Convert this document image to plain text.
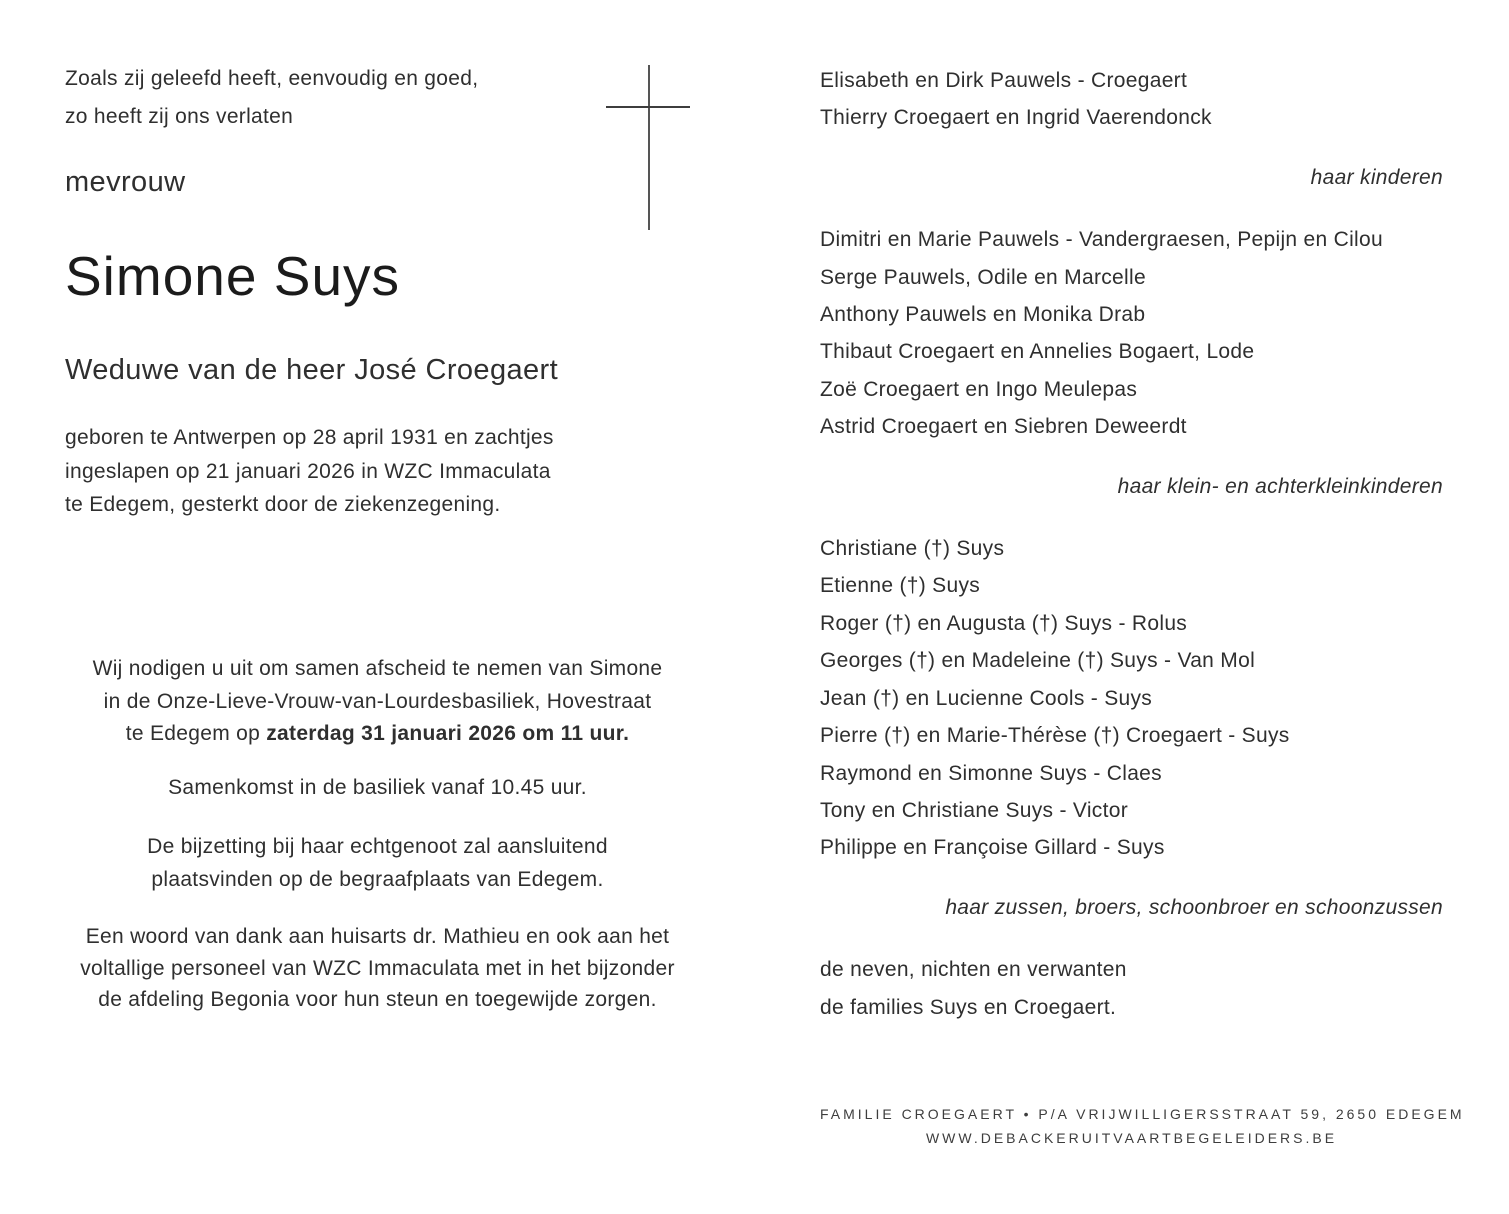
Zoals zij geleefd heeft, eenvoudig en goed,
zo heeft zij ons verlaten
mevrouw
Simone Suys
Weduwe van de heer José Croegaert
geboren te Antwerpen op 28 april 1931 en zachtjes
ingeslapen op 21 januari 2026 in WZC Immaculata
te Edegem, gesterkt door de ziekenzegening.
Wij nodigen u uit om samen afscheid te nemen van Simone
in de Onze-Lieve-Vrouw-van-Lourdesbasiliek, Hovestraat
te Edegem op zaterdag 31 januari 2026 om 11 uur.
Samenkomst in de basiliek vanaf 10.45 uur.
De bijzetting bij haar echtgenoot zal aansluitend
plaatsvinden op de begraafplaats van Edegem.
Een woord van dank aan huisarts dr. Mathieu en ook aan het
voltallige personeel van WZC Immaculata met in het bijzonder
de afdeling Begonia voor hun steun en toegewijde zorgen.
Elisabeth en Dirk Pauwels - Croegaert
Thierry Croegaert en Ingrid Vaerendonck
haar kinderen
Dimitri en Marie Pauwels - Vandergraesen, Pepijn en Cilou
Serge Pauwels, Odile en Marcelle
Anthony Pauwels en Monika Drab
Thibaut Croegaert en Annelies Bogaert, Lode
Zoë Croegaert en Ingo Meulepas
Astrid Croegaert en Siebren Deweerdt
haar klein- en achterkleinkinderen
Christiane (†) Suys
Etienne (†) Suys
Roger (†) en Augusta (†) Suys - Rolus
Georges (†) en Madeleine (†) Suys - Van Mol
Jean (†) en Lucienne Cools - Suys
Pierre (†) en Marie-Thérèse (†) Croegaert - Suys
Raymond en Simonne Suys - Claes
Tony en Christiane Suys - Victor
Philippe en Françoise Gillard - Suys
haar zussen, broers, schoonbroer en schoonzussen
de neven, nichten en verwanten
de families Suys en Croegaert.
FAMILIE CROEGAERT • P/A VRIJWILLIGERSSTRAAT 59, 2650 EDEGEM
WWW.DEBACKERUITVAARTBEGELEIDERS.BE
